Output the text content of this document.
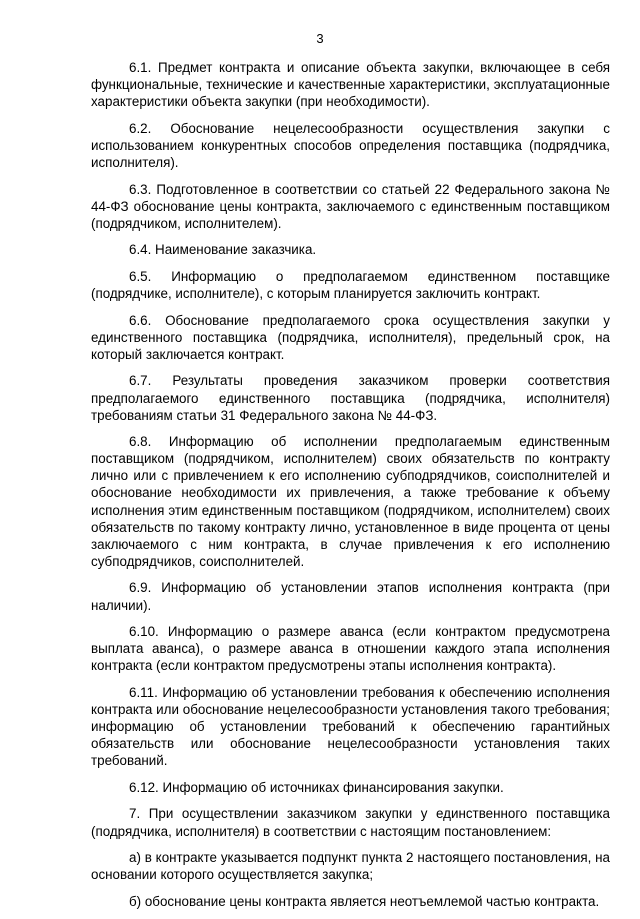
3

6.1. Предмет контракта и описание объекта закупки, включающее в себя функциональные, технические и качественные характеристики, эксплуатационные характеристики объекта закупки (при необходимости).

6.2. Обоснование нецелесообразности осуществления закупки с использованием конкурентных способов определения поставщика (подрядчика, исполнителя).

6.3. Подготовленное в соответствии со статьей 22 Федерального закона № 44-ФЗ обоснование цены контракта, заключаемого с единственным поставщиком (подрядчиком, исполнителем).

6.4. Наименование заказчика.

6.5. Информацию о предполагаемом единственном поставщике (подрядчике, исполнителе), с которым планируется заключить контракт.

6.6. Обоснование предполагаемого срока осуществления закупки у единственного поставщика (подрядчика, исполнителя), предельный срок, на который заключается контракт.

6.7. Результаты проведения заказчиком проверки соответствия предполагаемого единственного поставщика (подрядчика, исполнителя) требованиям статьи 31 Федерального закона № 44-ФЗ.

6.8. Информацию об исполнении предполагаемым единственным поставщиком (подрядчиком, исполнителем) своих обязательств по контракту лично или с привлечением к его исполнению субподрядчиков, соисполнителей и обоснование необходимости их привлечения, а также требование к объему исполнения этим единственным поставщиком (подрядчиком, исполнителем) своих обязательств по такому контракту лично, установленное в виде процента от цены заключаемого с ним контракта, в случае привлечения к его исполнению субподрядчиков, соисполнителей.

6.9. Информацию об установлении этапов исполнения контракта (при наличии).

6.10. Информацию о размере аванса (если контрактом предусмотрена выплата аванса), о размере аванса в отношении каждого этапа исполнения контракта (если контрактом предусмотрены этапы исполнения контракта).

6.11. Информацию об установлении требования к обеспечению исполнения контракта или обоснование нецелесообразности установления такого требования; информацию об установлении требований к обеспечению гарантийных обязательств или обоснование нецелесообразности установления таких требований.

6.12. Информацию об источниках финансирования закупки.

7. При осуществлении заказчиком закупки у единственного поставщика (подрядчика, исполнителя) в соответствии с настоящим постановлением:

а) в контракте указывается подпункт пункта 2 настоящего постановления, на основании которого осуществляется закупка;

б) обоснование цены контракта является неотъемлемой частью контракта.
